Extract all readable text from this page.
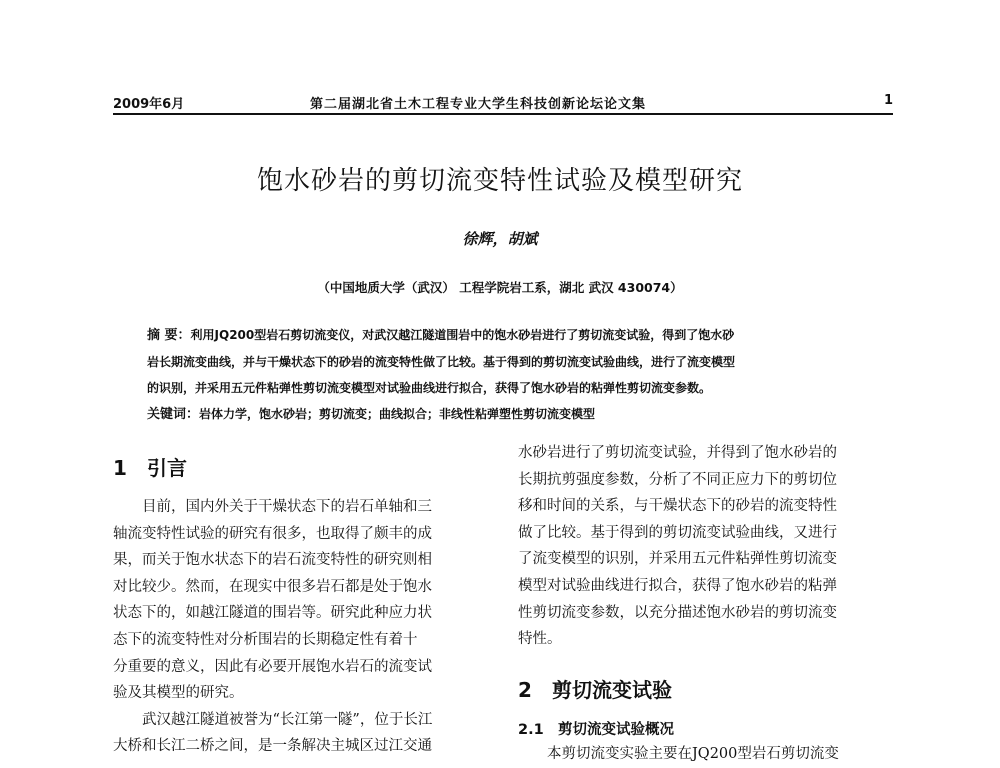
2009年6月	第二届湖北省土木工程专业大学生科技创新论坛论文集	1
饱水砂岩的剪切流变特性试验及模型研究
徐辉，胡斌
（中国地质大学（武汉） 工程学院岩工系，湖北 武汉 430074）
摘 要：利用JQ200型岩石剪切流变仪，对武汉越江隧道围岩中的饱水砂岩进行了剪切流变试验，得到了饱水砂
岩长期流变曲线，并与干燥状态下的砂岩的流变特性做了比较。基于得到的剪切流变试验曲线，进行了流变模型
的识别，并采用五元件粘弹性剪切流变模型对试验曲线进行拟合，获得了饱水砂岩的粘弹性剪切流变参数。
关键词：岩体力学，饱水砂岩；剪切流变；曲线拟合；非线性粘弹塑性剪切流变模型
1 引言
目前，国内外关于干燥状态下的岩石单轴和三
轴流变特性试验的研究有很多，也取得了颇丰的成
果，而关于饱水状态下的岩石流变特性的研究则相
对比较少。然而，在现实中很多岩石都是处于饱水
状态下的，如越江隧道的围岩等。研究此种应力状
态下的流变特性对分析围岩的长期稳定性有着十
分重要的意义，因此有必要开展饱水岩石的流变试
验及其模型的研究。
武汉越江隧道被誉为“长江第一隧”，位于长江
大桥和长江二桥之间，是一条解决主城区过江交通
水砂岩进行了剪切流变试验，并得到了饱水砂岩的
长期抗剪强度参数，分析了不同正应力下的剪切位
移和时间的关系，与干燥状态下的砂岩的流变特性
做了比较。基于得到的剪切流变试验曲线，又进行
了流变模型的识别，并采用五元件粘弹性剪切流变
模型对试验曲线进行拟合，获得了饱水砂岩的粘弹
性剪切流变参数，以充分描述饱水砂岩的剪切流变
特性。
2 剪切流变试验
2.1 剪切流变试验概况
本剪切流变实验主要在JQ200型岩石剪切流变
